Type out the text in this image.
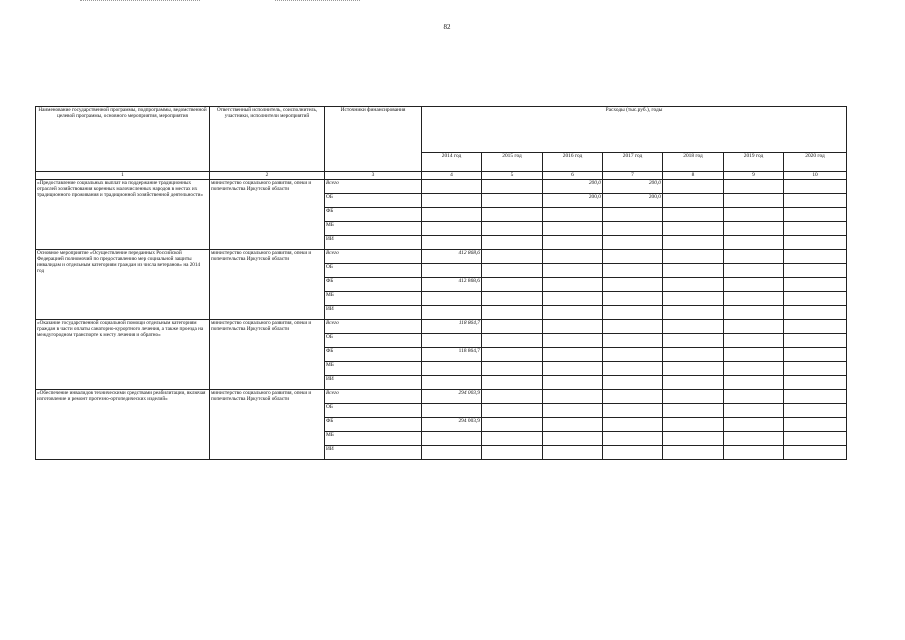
82
Наименование государственной программы, подпрограммы, ведомственной целевой программы, основного мероприятия, мероприятия	Ответственный исполнитель, соисполнитель, участники, исполнители мероприятий	Источники финансирования	Расходы (тыс.руб.), годы						
			2014 год	2015 год	2016 год	2017 год	2018 год	2019 год	2020 год
1	2	3	4	5	6	7	8	9	10
«Предоставление социальных выплат на поддержание традиционных отраслей хозяйствования коренных малочисленных народов в местах их традиционного проживания и традиционной хозяйственной деятельности»	министерство социального развития, опеки и попечительства Иркутской области	Всего			200,0	200,0			
		ОБ			200,0	200,0			
		ФБ							
		МБ							
		ИИ							
Основное мероприятие «Осуществление переданных Российской Федерацией полномочий по предоставлению мер социальной защиты инвалидам и отдельным категориям граждан из числа ветеранов» на 2014 год	министерство социального развития, опеки и попечительства Иркутской области	Всего	412 868,6						
		ОБ							
		ФБ	412 868,6						
		МБ							
		ИИ							
«Оказание государственной социальной помощи отдельным категориям граждан в части оплаты санаторно-курортного лечения, а также проезда на междугородном транспорте к месту лечения и обратно»	министерство социального развития, опеки и попечительства Иркутской области	Всего	118 864,7						
		ОБ							
		ФБ	118 864,7						
		МБ							
		ИИ							
«Обеспечение инвалидов техническими средствами реабилитации, включая изготовление и ремонт протезно-ортопедических изделий»	министерство социального развития, опеки и попечительства Иркутской области	Всего	294 003,9						
		ОБ							
		ФБ	294 003,9						
		МБ							
		ИИ							
